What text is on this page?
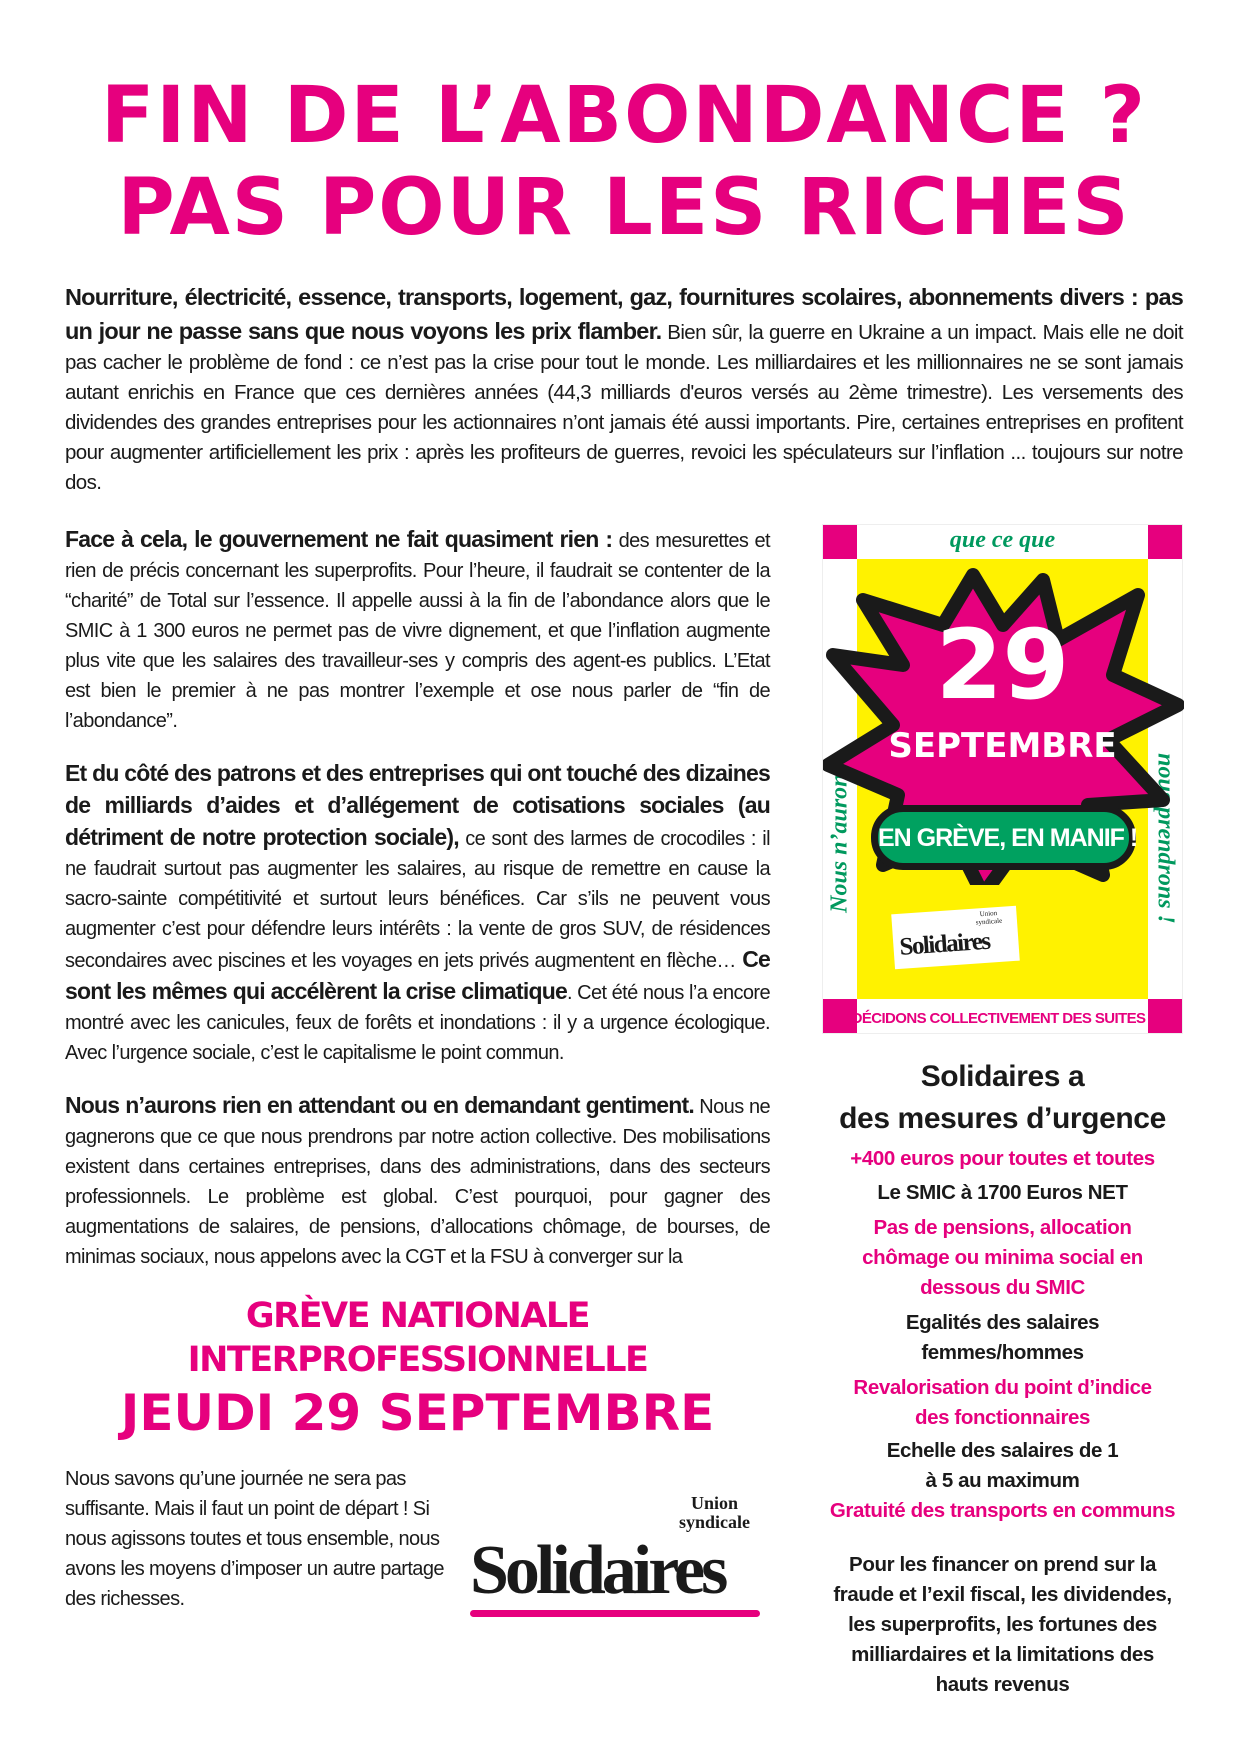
FIN DE L’ABONDANCE ?
PAS POUR LES RICHES

Nourriture, électricité, essence, transports, logement, gaz, fournitures scolaires, abonnements divers : pas un jour ne passe sans que nous voyons les prix flamber. Bien sûr, la guerre en Ukraine a un impact. Mais elle ne doit pas cacher le problème de fond : ce n’est pas la crise pour tout le monde. Les milliardaires et les millionnaires ne se sont jamais autant enrichis en France que ces dernières années (44,3 milliards d'euros versés au 2ème trimestre). Les versements des dividendes des grandes entreprises pour les actionnaires n’ont jamais été aussi importants. Pire, certaines entreprises en profitent pour augmenter artificiellement les prix : après les profiteurs de guerres, revoici les spéculateurs sur l’inflation ... toujours sur notre dos.

Face à cela, le gouvernement ne fait quasiment rien : des mesurettes et rien de précis concernant les superprofits. Pour l’heure, il faudrait se contenter de la “charité” de Total sur l’essence. Il appelle aussi à la fin de l’abondance alors que le SMIC à 1 300 euros ne permet pas de vivre dignement, et que l’inflation augmente plus vite que les salaires des travailleur-ses y compris des agent-es publics. L’Etat est bien le premier à ne pas montrer l’exemple et ose nous parler de “fin de l’abondance”.

Et du côté des patrons et des entreprises qui ont touché des dizaines de milliards d’aides et d’allégement de cotisations sociales (au détriment de notre protection sociale), ce sont des larmes de crocodiles : il ne faudrait surtout pas augmenter les salaires, au risque de remettre en cause la sacro-sainte compétitivité et surtout leurs bénéfices. Car s’ils ne peuvent vous augmenter c’est pour défendre leurs intérêts : la vente de gros SUV, de résidences secondaires avec piscines et les voyages en jets privés augmentent en flèche… Ce sont les mêmes qui accélèrent la crise climatique. Cet été nous l’a encore montré avec les canicules, feux de forêts et inondations : il y a urgence écologique. Avec l’urgence sociale, c’est le capitalisme le point commun.

Nous n’aurons rien en attendant ou en demandant gentiment. Nous ne gagnerons que ce que nous prendrons par notre action collective. Des mobilisations existent dans certaines entreprises, dans des administrations, dans des secteurs professionnels. Le problème est global. C’est pourquoi, pour gagner des augmentations de salaires, de pensions, d’allocations chômage, de bourses, de minimas sociaux, nous appelons avec la CGT et la FSU à converger sur la

GRÈVE NATIONALE INTERPROFESSIONNELLE
JEUDI 29 SEPTEMBRE

Nous savons qu’une journée ne sera pas suffisante. Mais il faut un point de départ ! Si nous agissons toutes et tous ensemble, nous avons les moyens d’imposer un autre partage des richesses.

Union
syndicale
Solidaires
que ce que
Nous n’aurons	nous prendrons !
29
SEPTEMBRE
EN GRÈVE, EN MANIF !
Union syndicale
Solidaires
DÉCIDONS COLLECTIVEMENT DES SUITES !
Solidaires a
des mesures d’urgence
+400 euros pour toutes et toutes
Le SMIC à 1700 Euros NET
Pas de pensions, allocation chômage ou minima social en dessous du SMIC
Egalités des salaires femmes/hommes
Revalorisation du point d’indice des fonctionnaires
Echelle des salaires de 1 à 5 au maximum
Gratuité des transports en communs
Pour les financer on prend sur la fraude et l’exil fiscal, les dividendes, les superprofits, les fortunes des milliardaires et la limitations des hauts revenus
